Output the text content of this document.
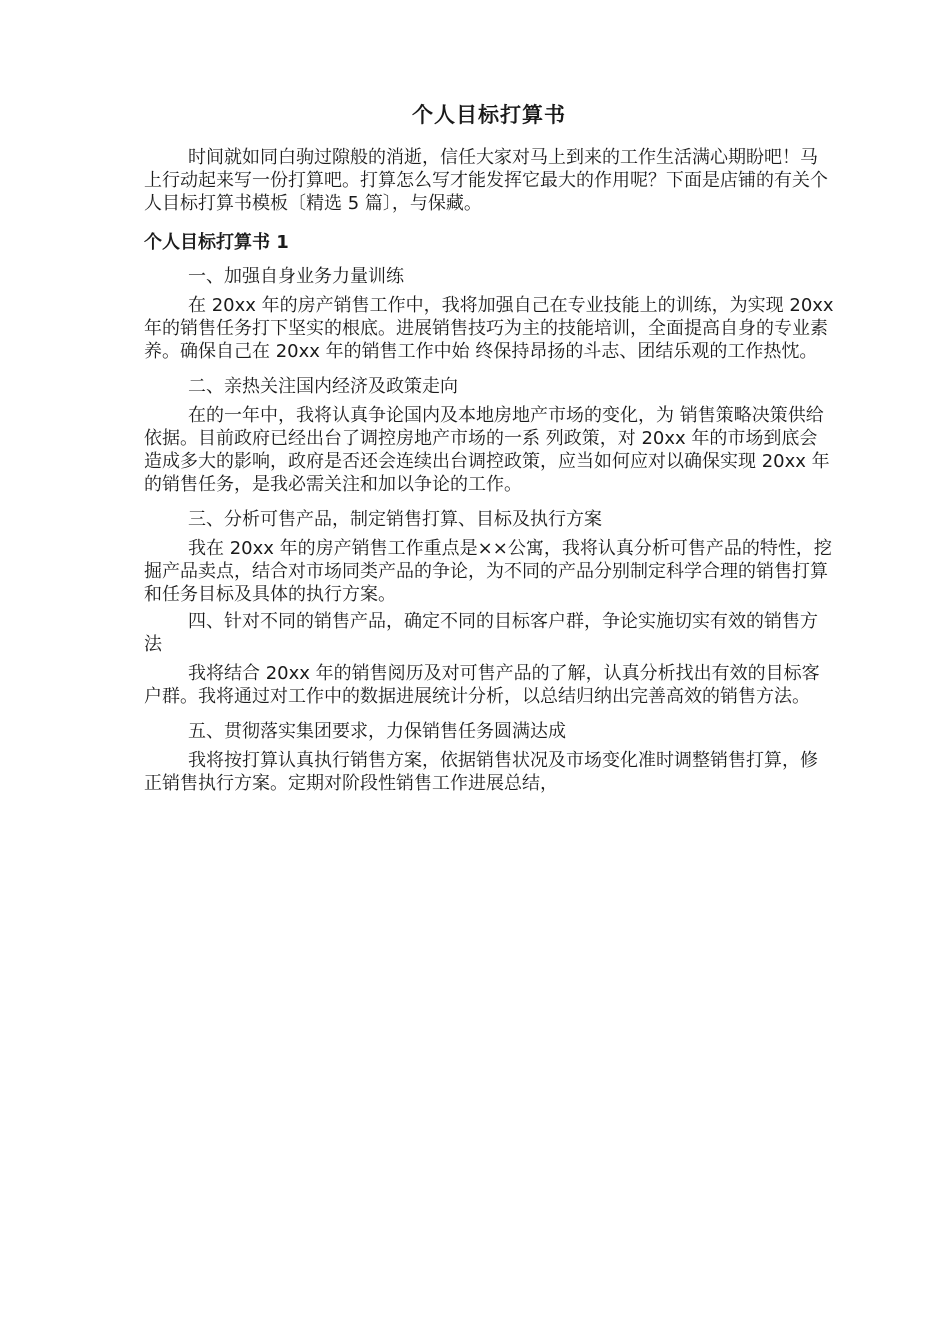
个人目标打算书

时间就如同白驹过隙般的消逝，信任大家对马上到来的工作生活满心期盼吧！马上行动起来写一份打算吧。打算怎么写才能发挥它最大的作用呢？下面是店铺的有关个人目标打算书模板〔精选 5 篇〕，与保藏。

个人目标打算书 1
一、加强自身业务力量训练

在 20xx 年的房产销售工作中，我将加强自己在专业技能上的训练，为实现 20xx 年的销售任务打下坚实的根底。进展销售技巧为主的技能培训，全面提高自身的专业素养。确保自己在 20xx 年的销售工作中始 终保持昂扬的斗志、团结乐观的工作热忱。

二、亲热关注国内经济及政策走向

在的一年中，我将认真争论国内及本地房地产市场的变化，为 销售策略决策供给依据。目前政府已经出台了调控房地产市场的一系 列政策，对 20xx 年的市场到底会造成多大的影响，政府是否还会连续出台调控政策，应当如何应对以确保实现 20xx 年的销售任务，是我必需关注和加以争论的工作。

三、分析可售产品，制定销售打算、目标及执行方案

我在 20xx 年的房产销售工作重点是××公寓，我将认真分析可售产品的特性，挖掘产品卖点，结合对市场同类产品的争论，为不同的产品分别制定科学合理的销售打算和任务目标及具体的执行方案。

四、针对不同的销售产品，确定不同的目标客户群，争论实施切实有效的销售方法

我将结合 20xx 年的销售阅历及对可售产品的了解，认真分析找出有效的目标客户群。我将通过对工作中的数据进展统计分析，以总结归纳出完善高效的销售方法。

五、贯彻落实集团要求，力保销售任务圆满达成

我将按打算认真执行销售方案，依据销售状况及市场变化准时调整销售打算，修正销售执行方案。定期对阶段性销售工作进展总结，
